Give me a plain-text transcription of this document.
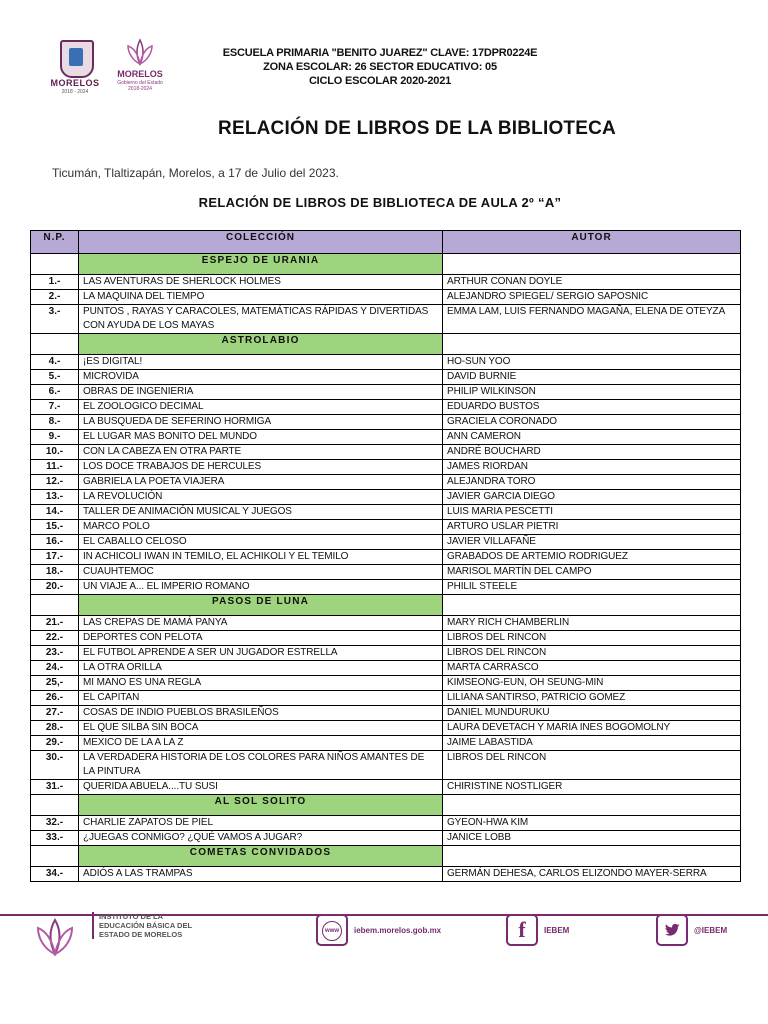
MORELOS
2018 - 2024
MORELOS
Gobierno del Estado
2018-2024
ESCUELA PRIMARIA "BENITO JUAREZ" CLAVE: 17DPR0224E
ZONA ESCOLAR: 26 SECTOR EDUCATIVO: 05
CICLO ESCOLAR 2020-2021
RELACIÓN DE LIBROS DE LA BIBLIOTECA
Ticumán, Tlaltizapán, Morelos, a 17 de Julio del 2023.
RELACIÓN DE LIBROS DE BIBLIOTECA DE AULA 2º “A”
N.P.	COLECCIÓN	AUTOR
	ESPEJO DE URANIA	
1.-	LAS AVENTURAS DE SHERLOCK HOLMES	ARTHUR CONAN DOYLE
2.-	LA MAQUINA DEL TIEMPO	ALEJANDRO SPIEGEL/ SERGIO SAPOSNIC
3.-	PUNTOS , RAYAS Y CARACOLES, MATEMÁTICAS RÁPIDAS Y DIVERTIDAS CON AYUDA DE LOS MAYAS	EMMA LAM, LUIS FERNANDO MAGAÑA, ELENA DE OTEYZA
	ASTROLABIO	
4.-	¡ES DIGITAL!	HO-SUN YOO
5.-	MICROVIDA	DAVID BURNIE
6.-	OBRAS DE INGENIERIA	PHILIP WILKINSON
7.-	EL ZOOLOGICO DECIMAL	EDUARDO BUSTOS
8.-	LA BUSQUEDA DE SEFERINO HORMIGA	GRACIELA CORONADO
9.-	EL LUGAR MAS BONITO DEL MUNDO	ANN CAMERON
10.-	CON LA CABEZA EN OTRA PARTE	ANDRÉ BOUCHARD
11.-	LOS DOCE TRABAJOS DE HERCULES	JAMES RIORDAN
12.-	GABRIELA LA POETA VIAJERA	ALEJANDRA TORO
13.-	LA REVOLUCIÓN	JAVIER GARCIA DIEGO
14.-	TALLER DE ANIMACIÓN MUSICAL Y JUEGOS	LUIS MARIA PESCETTI
15.-	MARCO POLO	ARTURO USLAR PIETRI
16.-	EL CABALLO CELOSO	JAVIER VILLAFAÑE
17.-	IN ACHICOLI IWAN IN TEMILO, EL ACHIKOLI Y EL TEMILO	GRABADOS DE ARTEMIO RODRIGUEZ
18.-	CUAUHTEMOC	MARISOL MARTÍN DEL CAMPO
20.-	UN VIAJE A... EL IMPERIO ROMANO	PHILIL STEELE
	PASOS DE LUNA	
21.-	LAS CREPAS DE MAMÁ PANYA	MARY RICH CHAMBERLIN
22.-	DEPORTES CON PELOTA	LIBROS DEL RINCON
23.-	EL FUTBOL APRENDE A SER UN JUGADOR ESTRELLA	LIBROS DEL RINCON
24.-	LA OTRA ORILLA	MARTA CARRASCO
25,-	MI MANO ES UNA REGLA	KIMSEONG-EUN, OH SEUNG-MIN
26.-	EL CAPITAN	LILIANA SANTIRSO, PATRICIO GOMEZ
27.-	COSAS DE INDIO PUEBLOS BRASILEÑOS	DANIEL MUNDURUKU
28.-	EL QUE SILBA SIN BOCA	LAURA DEVETACH Y MARIA INES BOGOMOLNY
29.-	MEXICO DE LA A LA Z	JAIME LABASTIDA
30.-	LA VERDADERA HISTORIA DE LOS COLORES PARA NIÑOS AMANTES DE LA PINTURA	LIBROS DEL RINCON
31.-	QUERIDA ABUELA....TU SUSI	CHIRISTINE NOSTLIGER
	AL SOL SOLITO	
32.-	CHARLIE ZAPATOS DE PIEL	GYEON-HWA KIM
33.-	¿JUEGAS CONMIGO? ¿QUÉ VAMOS A JUGAR?	JANICE LOBB
	COMETAS CONVIDADOS	
34.-	ADIÓS A LAS TRAMPAS	GERMÁN DEHESA, CARLOS ELIZONDO MAYER-SERRA
INSTITUTO DE LA
EDUCACIÓN BÁSICA DEL
ESTADO DE MORELOS	www	iebem.morelos.gob.mx	f	IEBEM	@IEBEM
